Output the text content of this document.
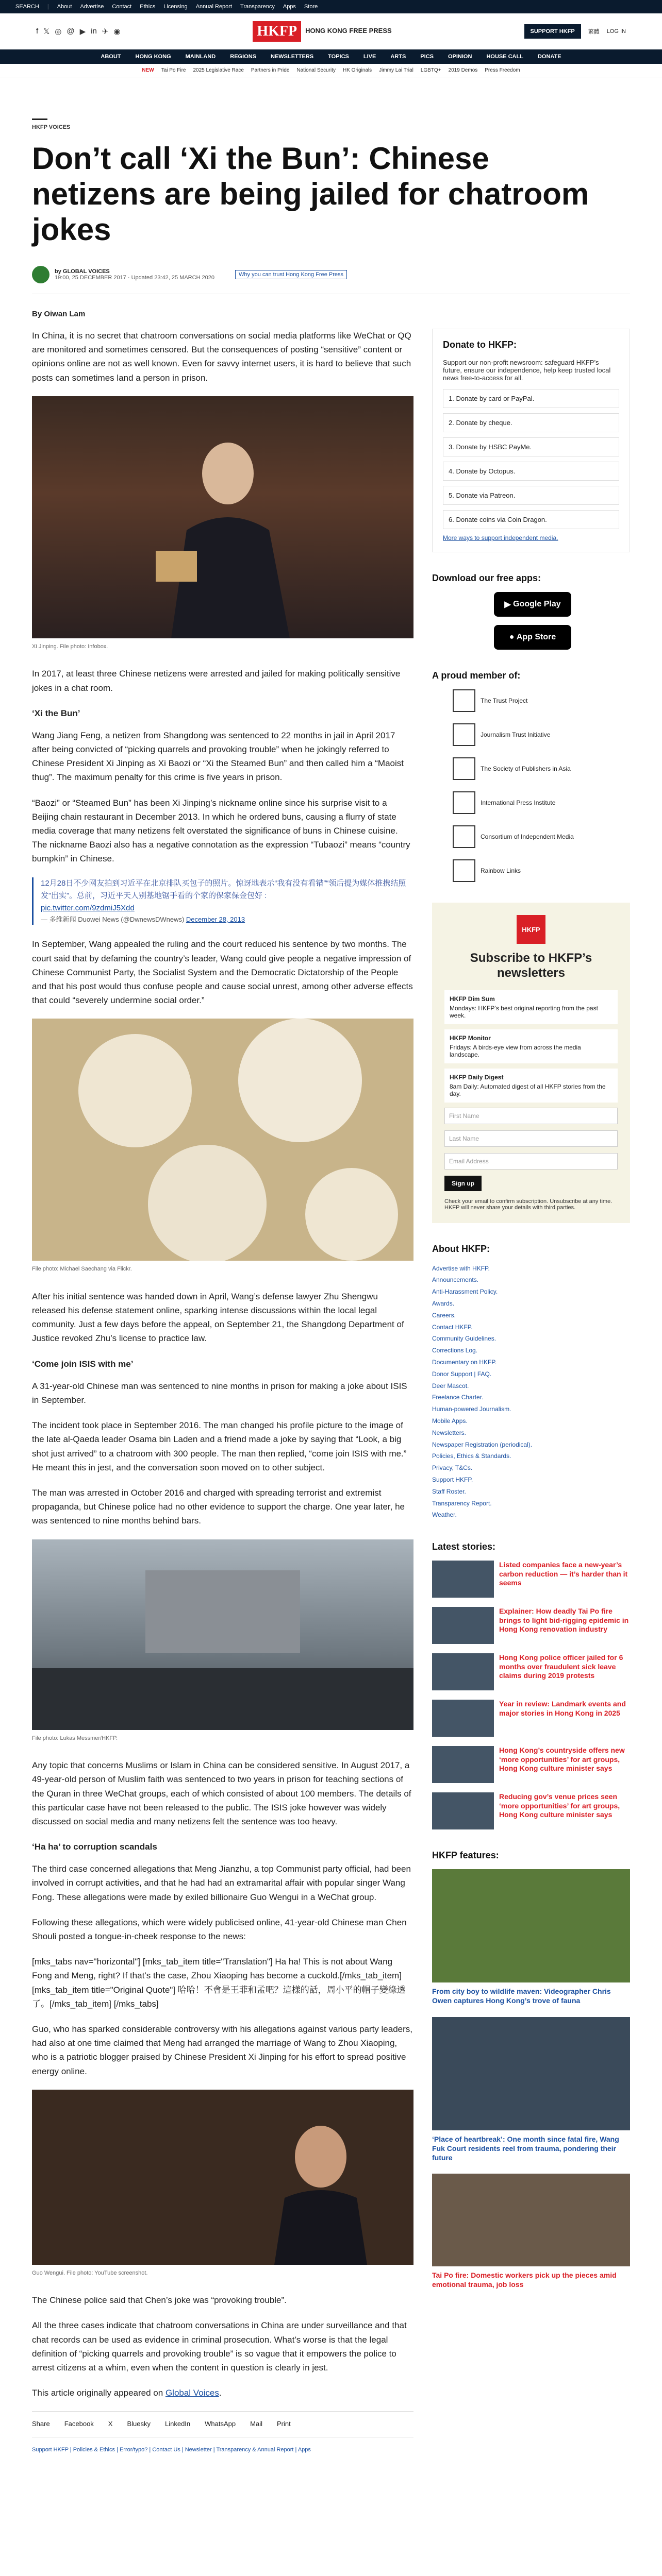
SEARCH | About Advertise Contact Ethics Licensing Annual Report Transparency Apps Store
f 𝕏 ◎ @ ▶ in ✈ ◉	HKFP	HONG KONG FREE PRESS	SUPPORT HKFP	繁體 LOG IN
ABOUT	HONG KONG	MAINLAND	REGIONS	NEWSLETTERS	TOPICS	LIVE	ARTS	PICS	OPINION	HOUSE CALL	DONATE
NEW Tai Po Fire 2025 Legislative Race Partners in Pride National Security HK Originals Jimmy Lai Trial LGBTQ+ 2019 Demos Press Freedom
HKFP VOICES
Don’t call ‘Xi the Bun’: Chinese netizens are being jailed for chatroom jokes
by GLOBAL VOICES
19:00, 25 DECEMBER 2017 · Updated 23:42, 25 MARCH 2020	Why you can trust Hong Kong Free Press
By Oiwan Lam

In China, it is no secret that chatroom conversations on social media platforms like WeChat or QQ are monitored and sometimes censored. But the consequences of posting “sensitive” content or opinions online are not as well known. Even for savvy internet users, it is hard to believe that such posts can sometimes land a person in prison.

Xi Jinping. File photo: Infobox.

In 2017, at least three Chinese netizens were arrested and jailed for making politically sensitive jokes in a chat room.

‘Xi the Bun’

Wang Jiang Feng, a netizen from Shangdong was sentenced to 22 months in jail in April 2017 after being convicted of “picking quarrels and provoking trouble” when he jokingly referred to Chinese President Xi Jinping as Xi Baozi or “Xi the Steamed Bun” and then called him a “Maoist thug”. The maximum penalty for this crime is five years in prison.

“Baozi” or “Steamed Bun” has been Xi Jinping’s nickname online since his surprise visit to a Beijing chain restaurant in December 2013. In which he ordered buns, causing a flurry of state media coverage that many netizens felt overstated the significance of buns in Chinese cuisine. The nickname Baozi also has a negative connotation as the expression “Tubaozi” means “country bumpkin” in Chinese.

12月28日不少网友拍到习近平在北京排队买包子的照片。惊讶地表示“我有没有看错”“领后提为媒体推携结照发”出实”。总前，习近平天人别基地锯手看的个家的保家保金包好 :
pic.twitter.com/9zdmiJ5Xdd
— 多维新闻 Duowei News (@DwnewsDWnews) December 28, 2013

In September, Wang appealed the ruling and the court reduced his sentence by two months. The court said that by defaming the country’s leader, Wang could give people a negative impression of Chinese Communist Party, the Socialist System and the Democratic Dictatorship of the People and that his post would thus confuse people and cause social unrest, among other adverse effects that could “severely undermine social order.”

File photo: Michael Saechang via Flickr.

After his initial sentence was handed down in April, Wang’s defense lawyer Zhu Shengwu released his defense statement online, sparking intense discussions within the local legal community. Just a few days before the appeal, on September 21, the Shangdong Department of Justice revoked Zhu’s license to practice law.

‘Come join ISIS with me’

A 31-year-old Chinese man was sentenced to nine months in prison for making a joke about ISIS in September.

The incident took place in September 2016. The man changed his profile picture to the image of the late al-Qaeda leader Osama bin Laden and a friend made a joke by saying that “Look, a big shot just arrived” to a chatroom with 300 people. The man then replied, “come join ISIS with me.” He meant this in jest, and the conversation soon moved on to other subject.

The man was arrested in October 2016 and charged with spreading terrorist and extremist propaganda, but Chinese police had no other evidence to support the charge. One year later, he was sentenced to nine months behind bars.

File photo: Lukas Messmer/HKFP.

Any topic that concerns Muslims or Islam in China can be considered sensitive. In August 2017, a 49-year-old person of Muslim faith was sentenced to two years in prison for teaching sections of the Quran in three WeChat groups, each of which consisted of about 100 members. The details of this particular case have not been released to the public. The ISIS joke however was widely discussed on social media and many netizens felt the sentence was too heavy.

‘Ha ha’ to corruption scandals

The third case concerned allegations that Meng Jianzhu, a top Communist party official, had been involved in corrupt activities, and that he had had an extramarital affair with popular singer Wang Fong. These allegations were made by exiled billionaire Guo Wengui in a WeChat group.

Following these allegations, which were widely publicised online, 41-year-old Chinese man Chen Shouli posted a tongue-in-cheek response to the news:

[mks_tabs nav="horizontal"] [mks_tab_item title="Translation"] Ha ha! This is not about Wang Fong and Meng, right? If that’s the case, Zhou Xiaoping has become a cuckold.[/mks_tab_item] [mks_tab_item title="Original Quote"] 哈哈！不會是王菲和孟吧？這樣的話，周小平的帽子變綠透了。[/mks_tab_item] [/mks_tabs]

Guo, who has sparked considerable controversy with his allegations against various party leaders, had also at one time claimed that Meng had arranged the marriage of Wang to Zhou Xiaoping, who is a patriotic blogger praised by Chinese President Xi Jinping for his effort to spread positive energy online.

Guo Wengui. File photo: YouTube screenshot.

The Chinese police said that Chen’s joke was “provoking trouble”.

All the three cases indicate that chatroom conversations in China are under surveillance and that chat records can be used as evidence in criminal prosecution. What’s worse is that the legal definition of “picking quarrels and provoking trouble” is so vague that it empowers the police to arrest citizens at a whim, even when the content in question is clearly in jest.

This article originally appeared on Global Voices.

Share Facebook X Bluesky LinkedIn WhatsApp Mail Print
Support HKFP | Policies & Ethics | Error/typo? | Contact Us | Newsletter | Transparency & Annual Report | Apps
Donate to HKFP:
Support our non-profit newsroom: safeguard HKFP’s future, ensure our independence, help keep trusted local news free-to-access for all.
1. Donate by card or PayPal.
2. Donate by cheque.
3. Donate by HSBC PayMe.
4. Donate by Octopus.
5. Donate via Patreon.
6. Donate coins via Coin Dragon.
More ways to support independent media.
Download our free apps:
▶ Google Play
● App Store
A proud member of:
The Trust Project
Journalism Trust Initiative
The Society of Publishers in Asia
International Press Institute
Consortium of Independent Media
Rainbow Links
HKFP
Subscribe to HKFP’s newsletters
HKFP Dim Sum
Mondays: HKFP’s best original reporting from the past week.
HKFP Monitor
Fridays: A birds-eye view from across the media landscape.
HKFP Daily Digest
8am Daily: Automated digest of all HKFP stories from the day.
First Name
Last Name
Email Address
Sign up
Check your email to confirm subscription. Unsubscribe at any time. HKFP will never share your details with third parties.
About HKFP:
Advertise with HKFP.
Announcements.
Anti-Harassment Policy.
Awards.
Careers.
Contact HKFP.
Community Guidelines.
Corrections Log.
Documentary on HKFP.
Donor Support | FAQ.
Deer Mascot.
Freelance Charter.
Human-powered Journalism.
Mobile Apps.
Newsletters.
Newspaper Registration (periodical).
Policies, Ethics & Standards.
Privacy, T&Cs.
Support HKFP.
Staff Roster.
Transparency Report.
Weather.
Latest stories:
Listed companies face a new-year’s carbon reduction — it’s harder than it seems
Explainer: How deadly Tai Po fire brings to light bid-rigging epidemic in Hong Kong renovation industry
Hong Kong police officer jailed for 6 months over fraudulent sick leave claims during 2019 protests
Year in review: Landmark events and major stories in Hong Kong in 2025
Hong Kong’s countryside offers new ‘more opportunities’ for art groups, Hong Kong culture minister says
Reducing gov’s venue prices seen ‘more opportunities’ for art groups, Hong Kong culture minister says
HKFP features:
From city boy to wildlife maven: Videographer Chris Owen captures Hong Kong’s trove of fauna
‘Place of heartbreak’: One month since fatal fire, Wang Fuk Court residents reel from trauma, pondering their future
Tai Po fire: Domestic workers pick up the pieces amid emotional trauma, job loss
